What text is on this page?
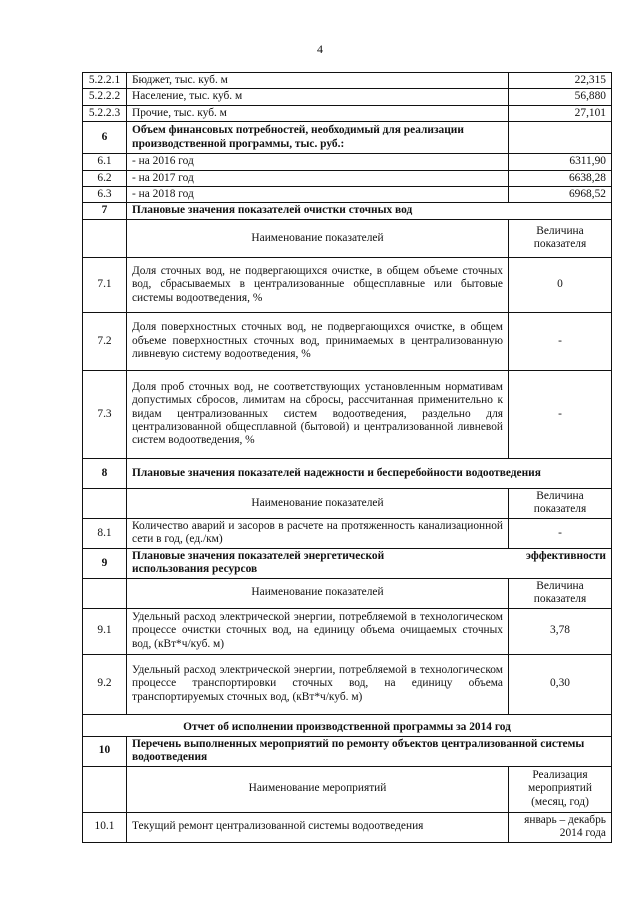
4
5.2.2.1	Бюджет, тыс. куб. м	22,315
5.2.2.2	Население, тыс. куб. м	56,880
5.2.2.3	Прочие, тыс. куб. м	27,101
6	Объем финансовых потребностей, необходимый для реализации производственной программы, тыс. руб.:	
6.1	- на 2016 год	6311,90
6.2	- на 2017 год	6638,28
6.3	- на 2018 год	6968,52
7	Плановые значения показателей очистки сточных вод	
	Наименование показателей	Величина показателя
7.1	Доля сточных вод, не подвергающихся очистке, в общем объеме сточных вод, сбрасываемых в централизованные общесплавные или бытовые системы водоотведения, %	0
7.2	Доля поверхностных сточных вод, не подвергающихся очистке, в общем объеме поверхностных сточных вод, принимаемых в централизованную ливневую систему водоотведения, %	-
7.3	Доля проб сточных вод, не соответствующих установленным нормативам допустимых сбросов, лимитам на сбросы, рассчитанная применительно к видам централизованных систем водоотведения, раздельно для централизованной общесплавной (бытовой) и централизованной ливневой систем водоотведения, %	-
8	Плановые значения показателей надежности и бесперебойности водоотведения	
	Наименование показателей	Величина показателя
8.1	Количество аварий и засоров в расчете на протяженность канализационной сети в год, (ед./км)	-
9	Плановые значения показателей энергетической эффективности
использования ресурсов	

	Наименование показателей	Величина показателя
9.1	Удельный расход электрической энергии, потребляемой в технологическом процессе очистки сточных вод, на единицу объема очищаемых сточных вод, (кВт*ч/куб. м)	3,78
9.2	Удельный расход электрической энергии, потребляемой в технологическом процессе транспортировки сточных вод, на единицу объема транспортируемых сточных вод, (кВт*ч/куб. м)	0,30
Отчет об исполнении производственной программы за 2014 год		
10	Перечень выполненных мероприятий по ремонту объектов централизованной системы водоотведения	
	Наименование мероприятий	Реализация мероприятий (месяц, год)
10.1	Текущий ремонт централизованной системы водоотведения	январь – декабрь 2014 года
